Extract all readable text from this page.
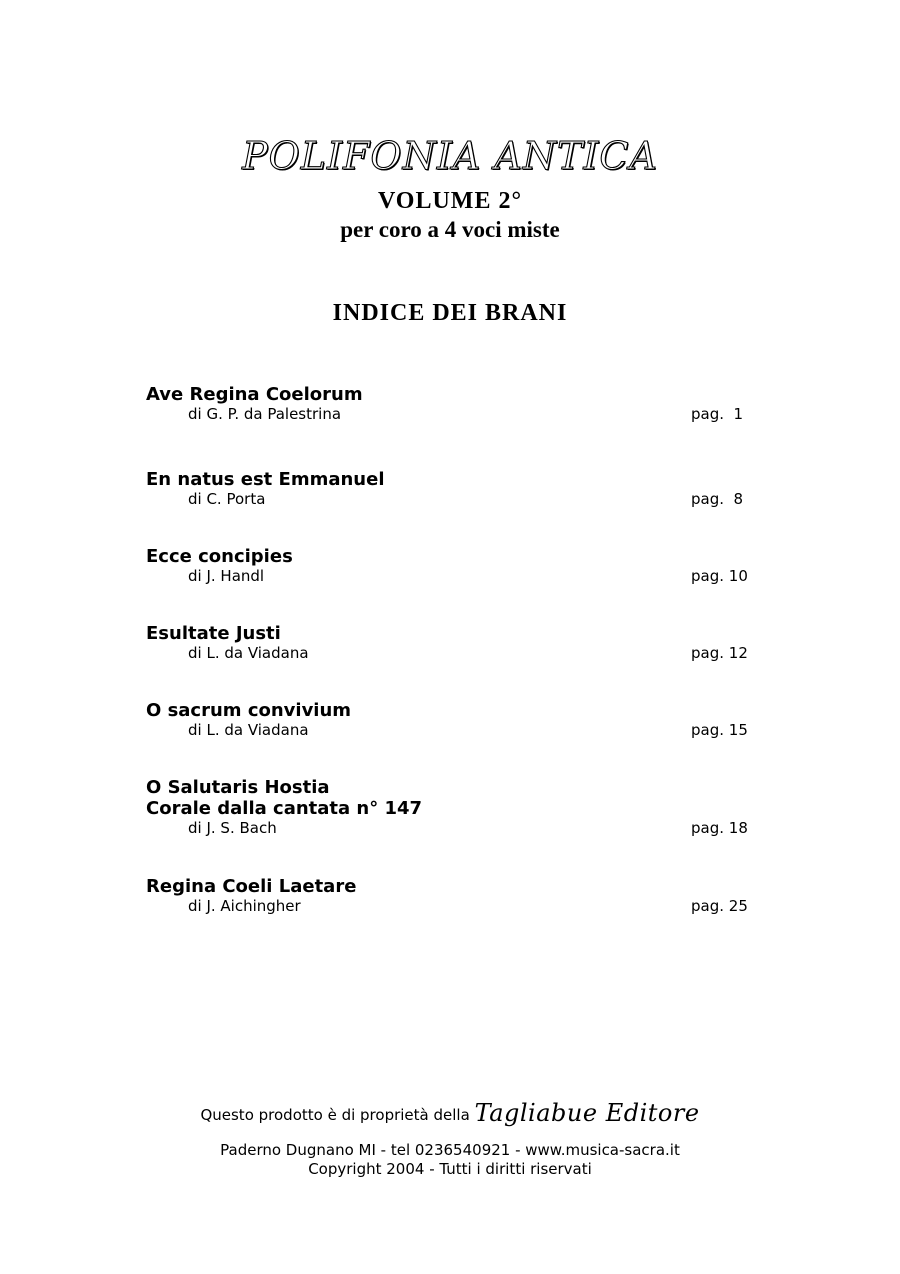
POLIFONIA ANTICA
VOLUME 2°
per coro a 4 voci miste
INDICE DEI BRANI
Ave Regina Coelorum
di G. P. da Palestrina	pag.  1
En natus est Emmanuel
di C. Porta	pag.  8
Ecce concipies
di J. Handl	pag. 10
Esultate Justi
di L. da Viadana	pag. 12
O sacrum convivium
di L. da Viadana	pag. 15
O Salutaris Hostia
Corale dalla cantata n° 147
di J. S. Bach	pag. 18
Regina Coeli Laetare
di J. Aichingher	pag. 25
Questo prodotto è di proprietà della Tagliabue Editore
Paderno Dugnano MI - tel 0236540921 - www.musica-sacra.it
Copyright 2004 - Tutti i diritti riservati
